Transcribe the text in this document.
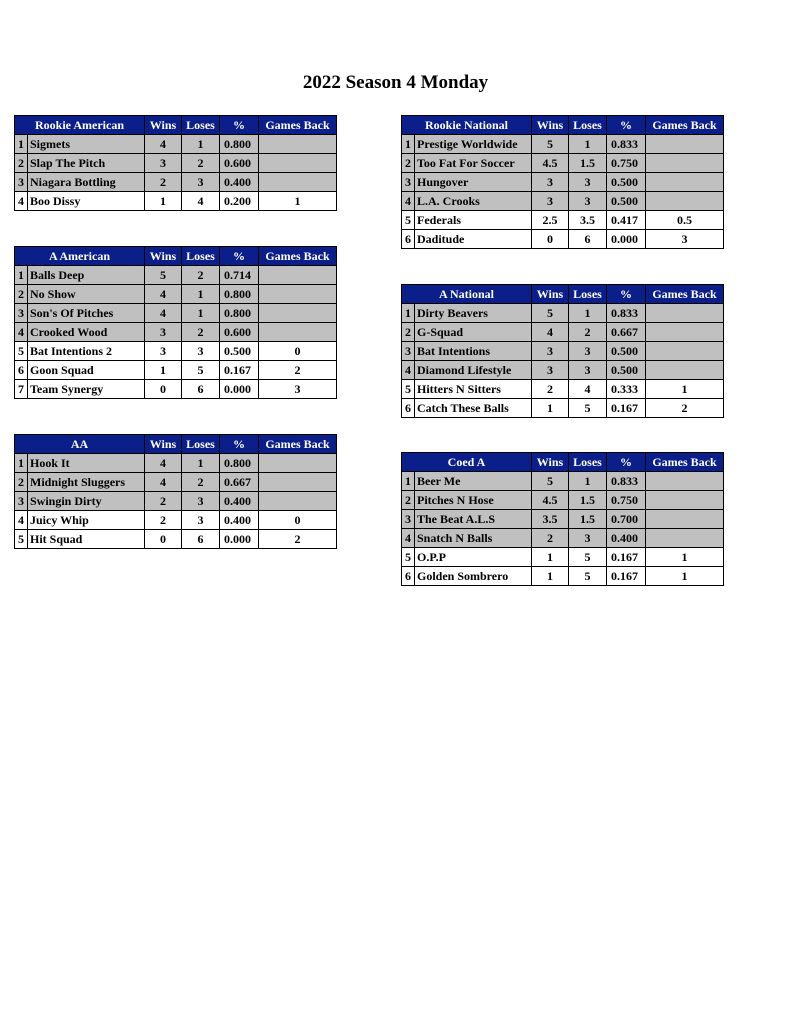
2022 Season 4 Monday
Rookie American		Wins	Loses	%	Games Back
1	Sigmets	4	1	0.800	
2	Slap The Pitch	3	2	0.600	
3	Niagara Bottling	2	3	0.400	
4	Boo Dissy	1	4	0.200	1
Rookie National		Wins	Loses	%	Games Back
1	Prestige Worldwide	5	1	0.833	
2	Too Fat For Soccer	4.5	1.5	0.750	
3	Hungover	3	3	0.500	
4	L.A. Crooks	3	3	0.500	
5	Federals	2.5	3.5	0.417	0.5
6	Daditude	0	6	0.000	3
A American		Wins	Loses	%	Games Back
1	Balls Deep	5	2	0.714	
2	No Show	4	1	0.800	
3	Son's Of Pitches	4	1	0.800	
4	Crooked Wood	3	2	0.600	
5	Bat Intentions 2	3	3	0.500	0
6	Goon Squad	1	5	0.167	2
7	Team Synergy	0	6	0.000	3
A National		Wins	Loses	%	Games Back
1	Dirty Beavers	5	1	0.833	
2	G-Squad	4	2	0.667	
3	Bat Intentions	3	3	0.500	
4	Diamond Lifestyle	3	3	0.500	
5	Hitters N Sitters	2	4	0.333	1
6	Catch These Balls	1	5	0.167	2
AA		Wins	Loses	%	Games Back
1	Hook It	4	1	0.800	
2	Midnight Sluggers	4	2	0.667	
3	Swingin Dirty	2	3	0.400	
4	Juicy Whip	2	3	0.400	0
5	Hit Squad	0	6	0.000	2
Coed A		Wins	Loses	%	Games Back
1	Beer Me	5	1	0.833	
2	Pitches N Hose	4.5	1.5	0.750	
3	The Beat A.L.S	3.5	1.5	0.700	
4	Snatch N Balls	2	3	0.400	
5	O.P.P	1	5	0.167	1
6	Golden Sombrero	1	5	0.167	1
